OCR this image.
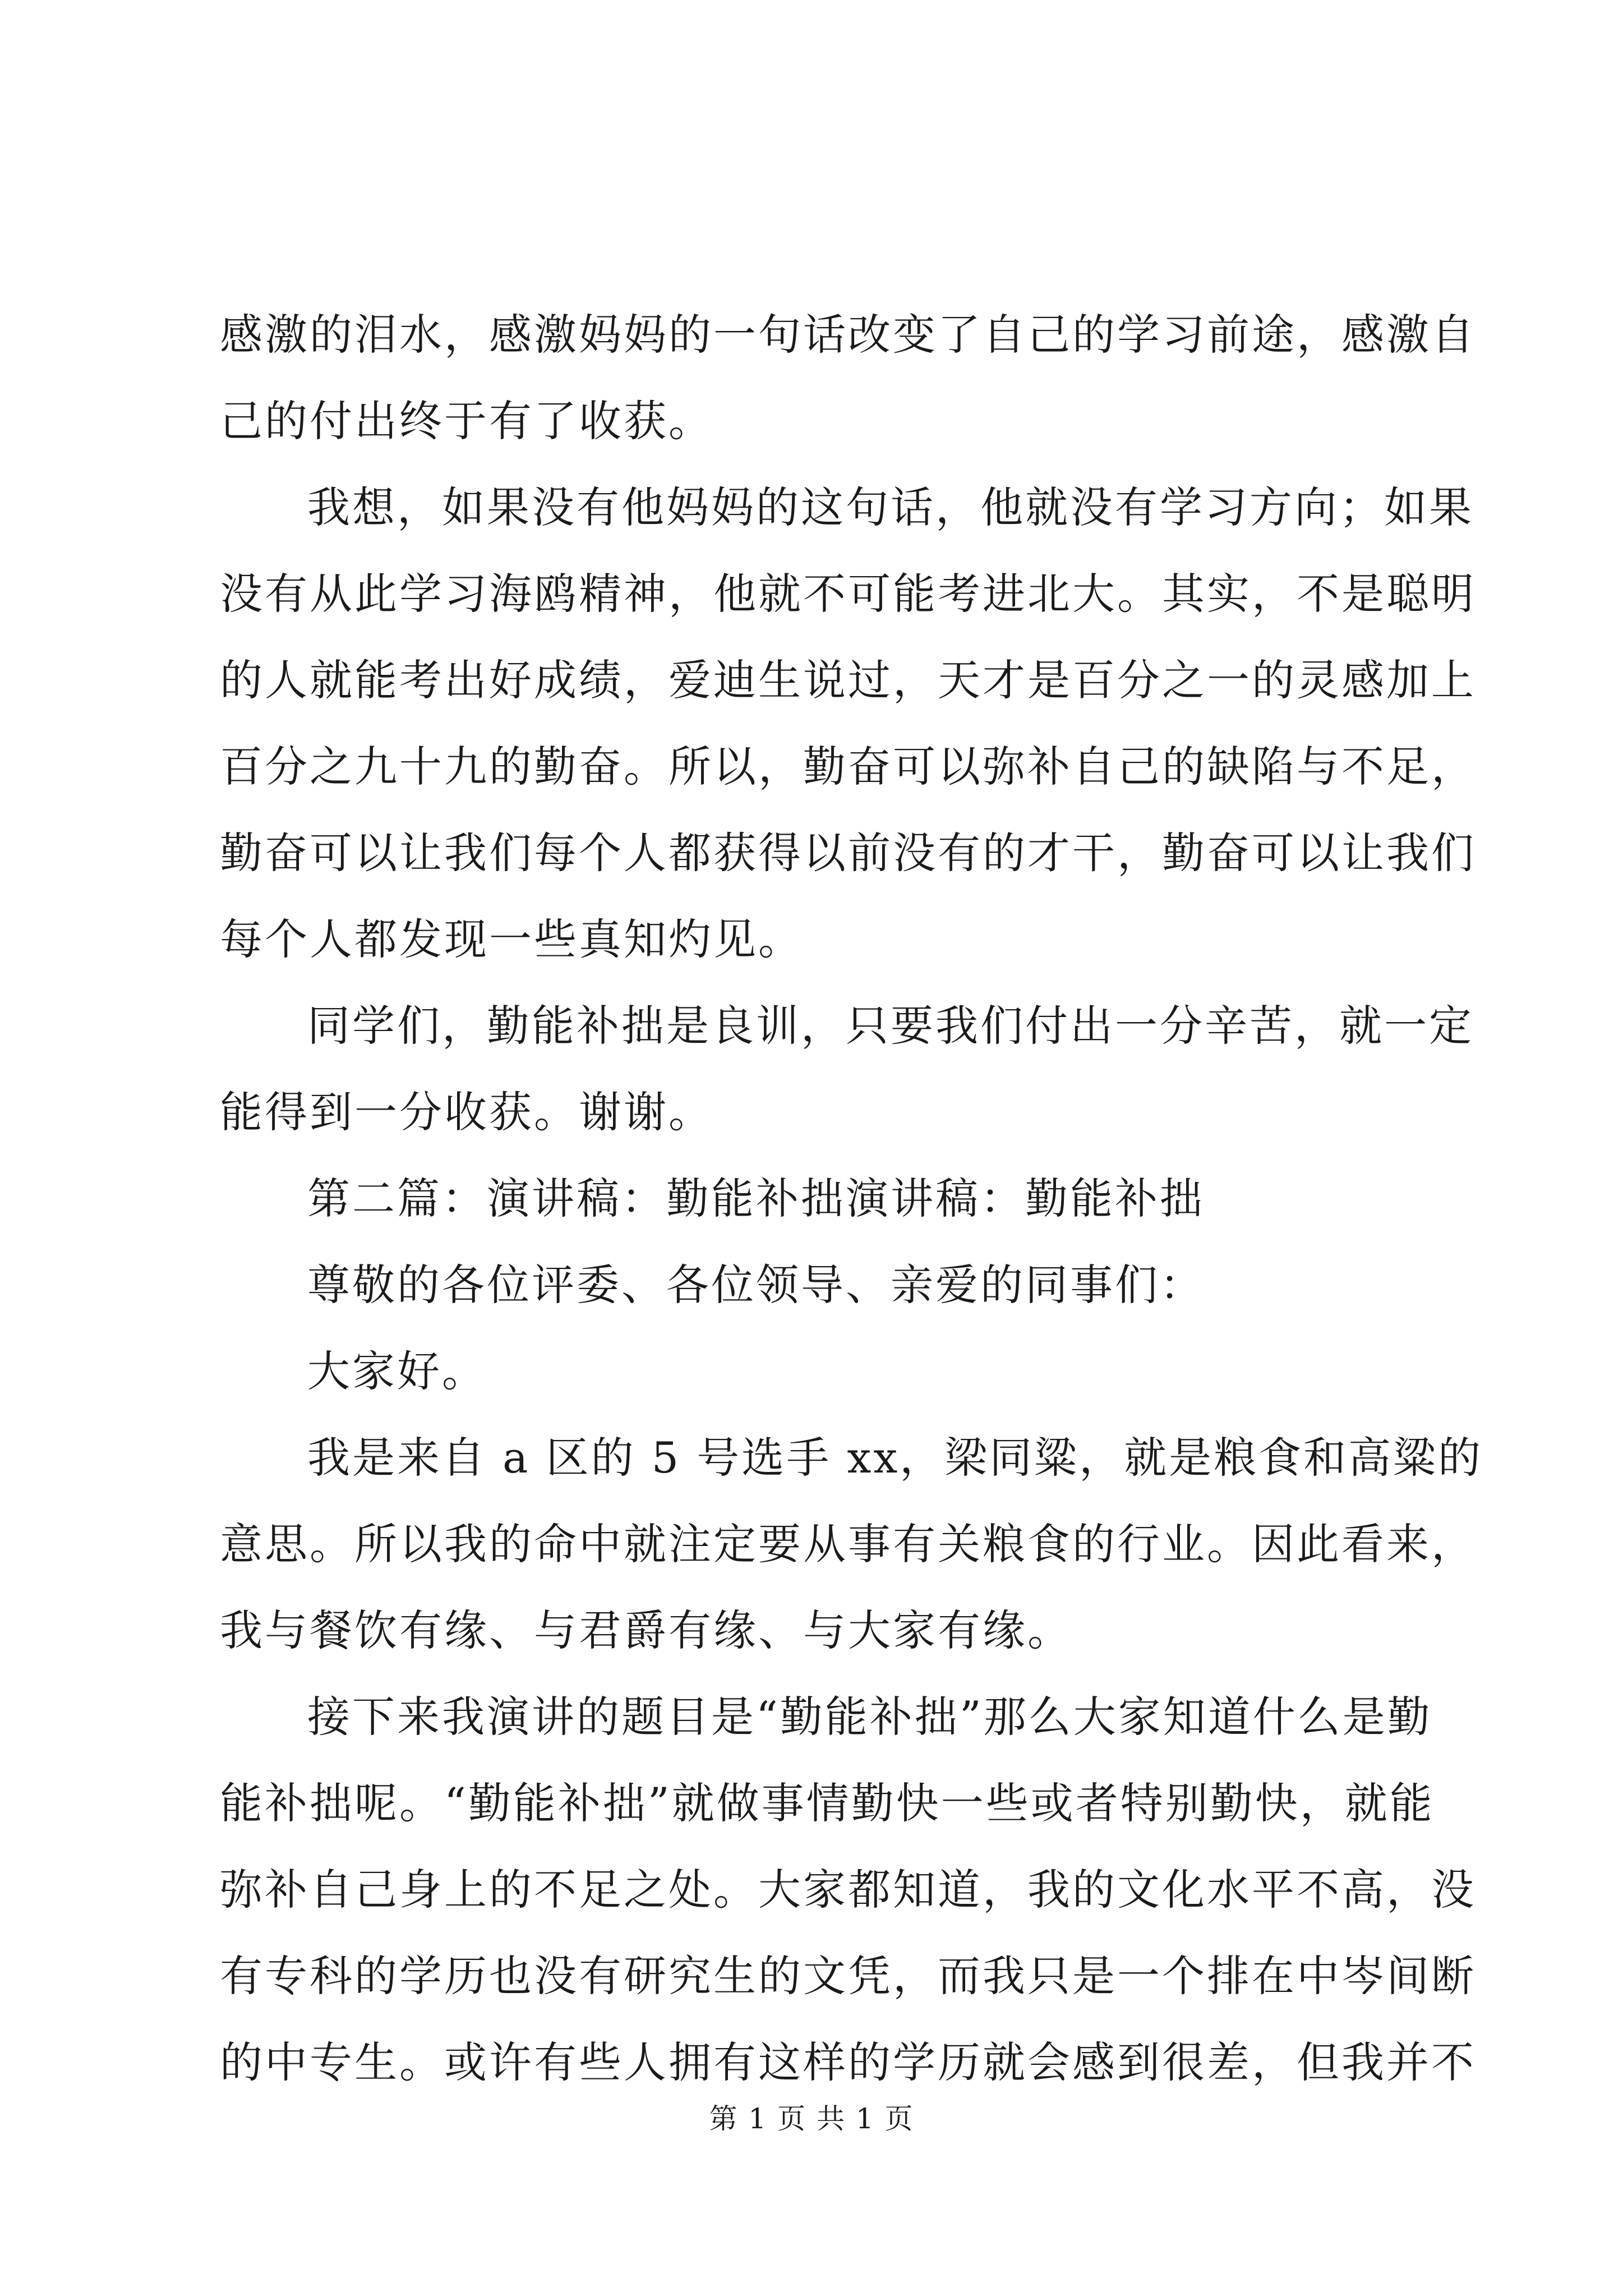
感激的泪水，感激妈妈的一句话改变了自己的学习前途，感激自
己的付出终于有了收获。
我想，如果没有他妈妈的这句话，他就没有学习方向；如果
没有从此学习海鸥精神，他就不可能考进北大。其实，不是聪明
的人就能考出好成绩，爱迪生说过，天才是百分之一的灵感加上
百分之九十九的勤奋。所以，勤奋可以弥补自己的缺陷与不足，
勤奋可以让我们每个人都获得以前没有的才干，勤奋可以让我们
每个人都发现一些真知灼见。
同学们，勤能补拙是良训，只要我们付出一分辛苦，就一定
能得到一分收获。谢谢。
第二篇：演讲稿：勤能补拙演讲稿：勤能补拙
尊敬的各位评委、各位领导、亲爱的同事们：
大家好。
我是来自 a 区的 5 号选手 xx，梁同粱，就是粮食和高粱的
意思。所以我的命中就注定要从事有关粮食的行业。因此看来，
我与餐饮有缘、与君爵有缘、与大家有缘。
接下来我演讲的题目是“勤能补拙”那么大家知道什么是勤
能补拙呢。“勤能补拙”就做事情勤快一些或者特别勤快，就能
弥补自己身上的不足之处。大家都知道，我的文化水平不高，没
有专科的学历也没有研究生的文凭，而我只是一个排在中岑间断
的中专生。或许有些人拥有这样的学历就会感到很差，但我并不
第 1 页 共 1 页
